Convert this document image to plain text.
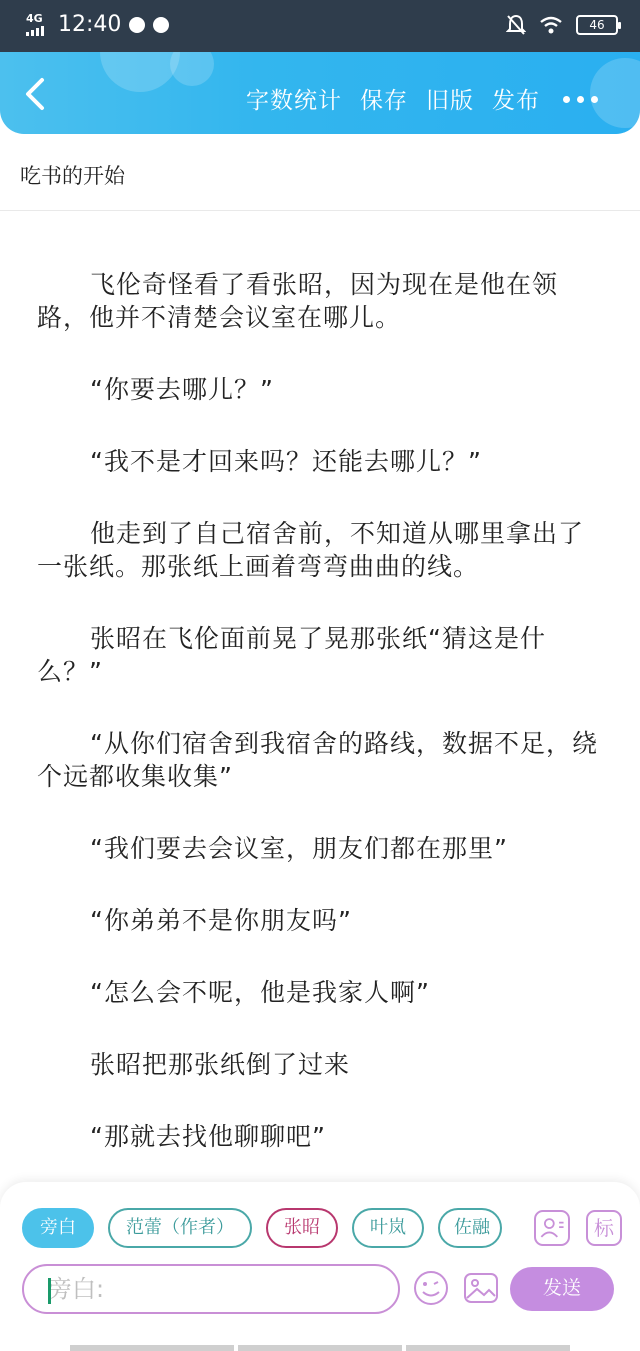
4G 12:40	46
字数统计 保存 旧版 发布
吃书的开始

飞伦奇怪看了看张昭，因为现在是他在领路，他并不清楚会议室在哪儿。

“你要去哪儿？”

“我不是才回来吗？还能去哪儿？”

他走到了自己宿舍前，不知道从哪里拿出了一张纸。那张纸上画着弯弯曲曲的线。

张昭在飞伦面前晃了晃那张纸“猜这是什么？”

“从你们宿舍到我宿舍的路线，数据不足，绕个远都收集收集”

“我们要去会议室，朋友们都在那里”

“你弟弟不是你朋友吗”

“怎么会不呢，他是我家人啊”

张昭把那张纸倒了过来

“那就去找他聊聊吧”

旁白	范蕾（作者）	张昭	叶岚	佐融	标
旁白:
发送
